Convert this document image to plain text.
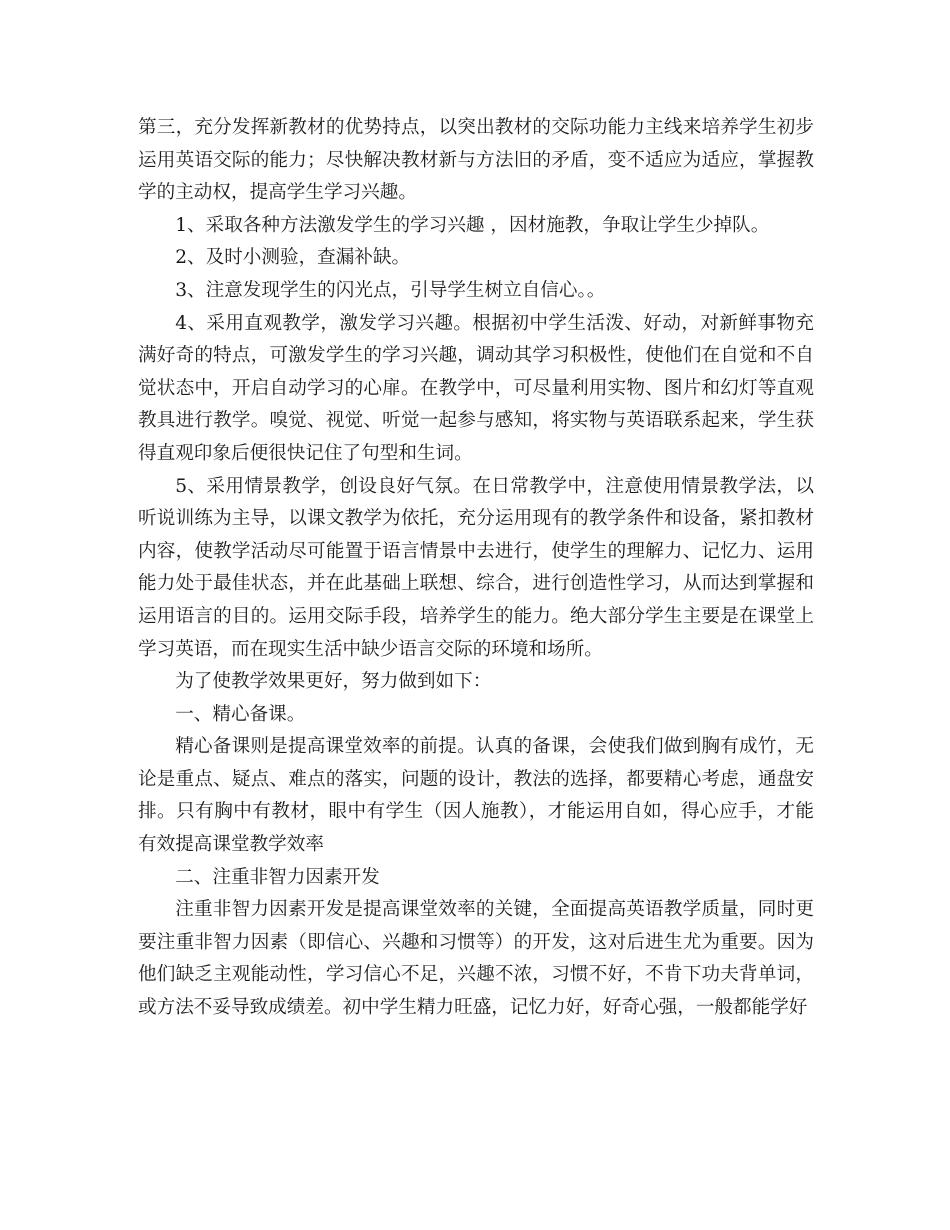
第三，充分发挥新教材的优势持点，以突出教材的交际功能力主线来培养学生初步运用英语交际的能力；尽快解决教材新与方法旧的矛盾，变不适应为适应，掌握教学的主动权，提高学生学习兴趣。

1、采取各种方法激发学生的学习兴趣 ，因材施教，争取让学生少掉队。

2、及时小测验，查漏补缺。

3、注意发现学生的闪光点，引导学生树立自信心。。

4、采用直观教学，激发学习兴趣。根据初中学生活泼、好动，对新鲜事物充满好奇的特点，可激发学生的学习兴趣，调动其学习积极性，使他们在自觉和不自觉状态中，开启自动学习的心扉。在教学中，可尽量利用实物、图片和幻灯等直观教具进行教学。嗅觉、视觉、听觉一起参与感知，将实物与英语联系起来，学生获得直观印象后便很快记住了句型和生词。

5、采用情景教学，创设良好气氛。在日常教学中，注意使用情景教学法，以听说训练为主导，以课文教学为依托，充分运用现有的教学条件和设备，紧扣教材内容，使教学活动尽可能置于语言情景中去进行，使学生的理解力、记忆力、运用能力处于最佳状态，并在此基础上联想、综合，进行创造性学习，从而达到掌握和运用语言的目的。运用交际手段，培养学生的能力。绝大部分学生主要是在课堂上学习英语，而在现实生活中缺少语言交际的环境和场所。

为了使教学效果更好，努力做到如下：

一、精心备课。

精心备课则是提高课堂效率的前提。认真的备课，会使我们做到胸有成竹，无论是重点、疑点、难点的落实，问题的设计，教法的选择，都要精心考虑，通盘安排。只有胸中有教材，眼中有学生（因人施教），才能运用自如，得心应手，才能有效提高课堂教学效率

二、注重非智力因素开发

注重非智力因素开发是提高课堂效率的关键，全面提高英语教学质量，同时更要注重非智力因素（即信心、兴趣和习惯等）的开发，这对后进生尤为重要。因为他们缺乏主观能动性，学习信心不足，兴趣不浓，习惯不好，不肯下功夫背单词，或方法不妥导致成绩差。初中学生精力旺盛，记忆力好，好奇心强，一般都能学好
